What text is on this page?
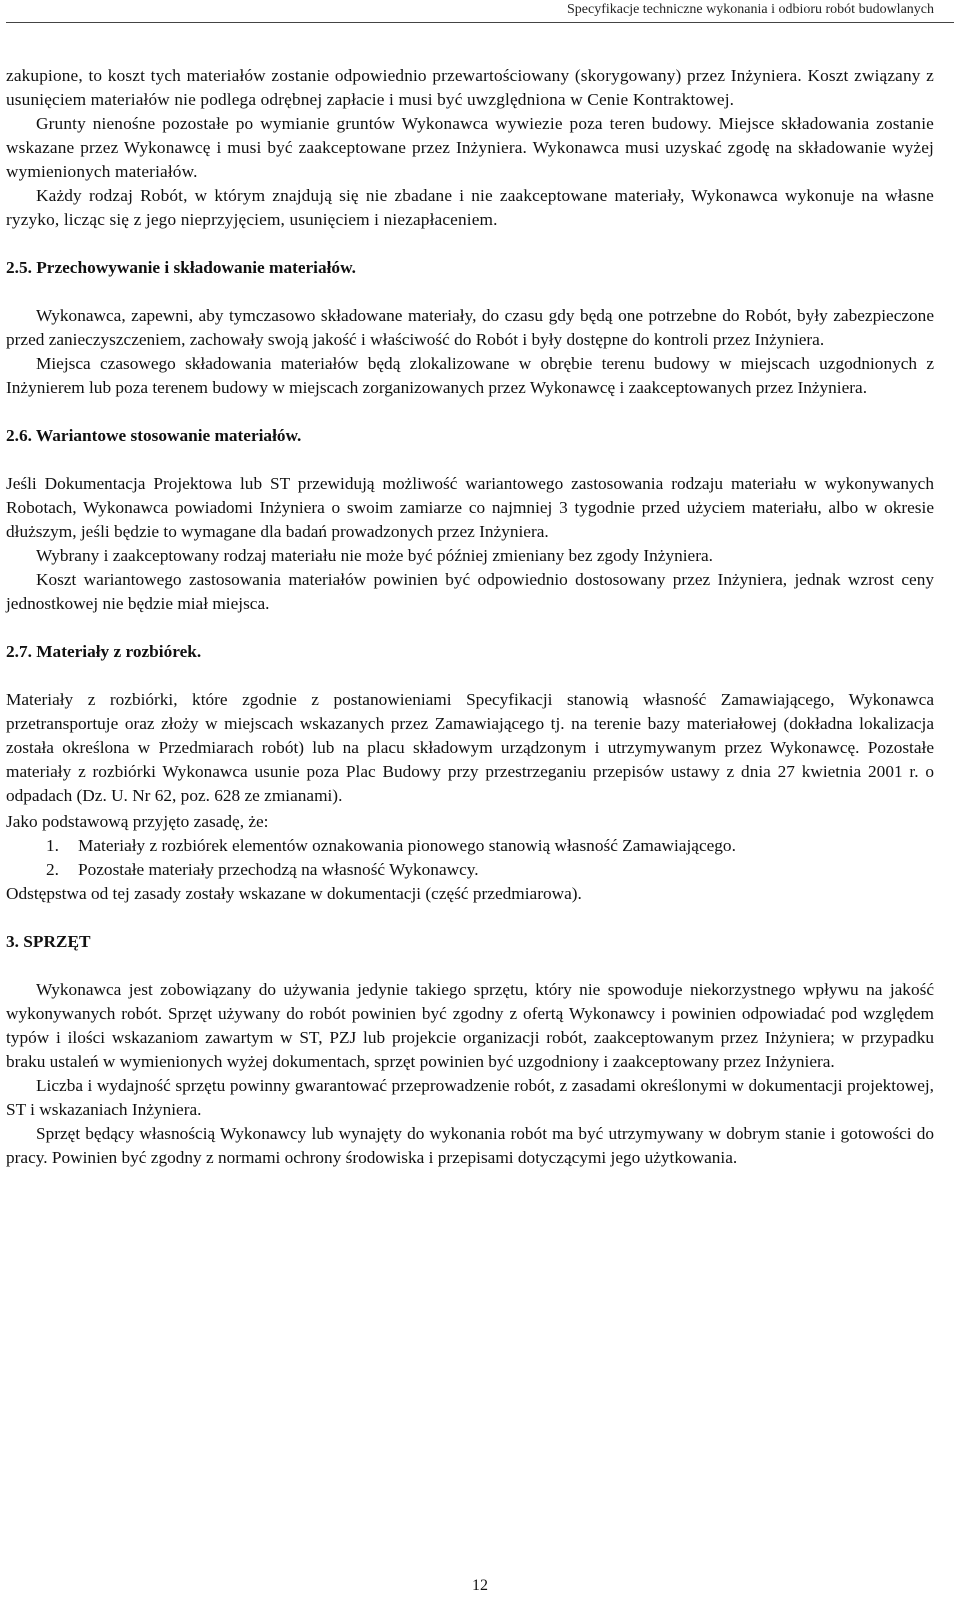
Specyfikacje techniczne wykonania i odbioru robót budowlanych

zakupione, to koszt tych materiałów zostanie odpowiednio przewartościowany (skorygowany) przez Inżyniera. Koszt związany z usunięciem materiałów nie podlega odrębnej zapłacie i musi być uwzględniona w Cenie Kontraktowej.

Grunty nienośne pozostałe po wymianie gruntów Wykonawca wywiezie poza teren budowy. Miejsce składowania zostanie wskazane przez Wykonawcę i musi być zaakceptowane przez Inżyniera. Wykonawca musi uzyskać zgodę na składowanie wyżej wymienionych materiałów.

Każdy rodzaj Robót, w którym znajdują się nie zbadane i nie zaakceptowane materiały, Wykonawca wykonuje na własne ryzyko, licząc się z jego nieprzyjęciem, usunięciem i niezapłaceniem.

2.5. Przechowywanie i składowanie materiałów.

Wykonawca, zapewni, aby tymczasowo składowane materiały, do czasu gdy będą one potrzebne do Robót, były zabezpieczone przed zanieczyszczeniem, zachowały swoją jakość i właściwość do Robót i były dostępne do kontroli przez Inżyniera.

Miejsca czasowego składowania materiałów będą zlokalizowane w obrębie terenu budowy w miejscach uzgodnionych z Inżynierem lub poza terenem budowy w miejscach zorganizowanych przez Wykonawcę i zaakceptowanych przez Inżyniera.

2.6. Wariantowe stosowanie materiałów.

Jeśli Dokumentacja Projektowa lub ST przewidują możliwość wariantowego zastosowania rodzaju materiału w wykonywanych Robotach, Wykonawca powiadomi Inżyniera o swoim zamiarze co najmniej 3 tygodnie przed użyciem materiału, albo w okresie dłuższym, jeśli będzie to wymagane dla badań prowadzonych przez Inżyniera.

Wybrany i zaakceptowany rodzaj materiału nie może być później zmieniany bez zgody Inżyniera.

Koszt wariantowego zastosowania materiałów powinien być odpowiednio dostosowany przez Inżyniera, jednak wzrost ceny jednostkowej nie będzie miał miejsca.

2.7. Materiały z rozbiórek.

Materiały z rozbiórki, które zgodnie z postanowieniami Specyfikacji stanowią własność Zamawiającego, Wykonawca przetransportuje oraz złoży w miejscach wskazanych przez Zamawiającego tj. na terenie bazy materiałowej (dokładna lokalizacja została określona w Przedmiarach robót) lub na placu składowym urządzonym i utrzymywanym przez Wykonawcę. Pozostałe materiały z rozbiórki Wykonawca usunie poza Plac Budowy przy przestrzeganiu przepisów ustawy z dnia 27 kwietnia 2001 r. o odpadach (Dz. U. Nr 62, poz. 628 ze zmianami).

Jako podstawową przyjęto zasadę, że:

1. Materiały z rozbiórek elementów oznakowania pionowego stanowią własność Zamawiającego.
2. Pozostałe materiały przechodzą na własność Wykonawcy.

Odstępstwa od tej zasady zostały wskazane w dokumentacji (część przedmiarowa).

3. SPRZĘT

Wykonawca jest zobowiązany do używania jedynie takiego sprzętu, który nie spowoduje niekorzystnego wpływu na jakość wykonywanych robót. Sprzęt używany do robót powinien być zgodny z ofertą Wykonawcy i powinien odpowiadać pod względem typów i ilości wskazaniom zawartym w ST, PZJ lub projekcie organizacji robót, zaakceptowanym przez Inżyniera; w przypadku braku ustaleń w wymienionych wyżej dokumentach, sprzęt powinien być uzgodniony i zaakceptowany przez Inżyniera.

Liczba i wydajność sprzętu powinny gwarantować przeprowadzenie robót, z zasadami określonymi w dokumentacji projektowej, ST i wskazaniach Inżyniera.

Sprzęt będący własnością Wykonawcy lub wynajęty do wykonania robót ma być utrzymywany w dobrym stanie i gotowości do pracy. Powinien być zgodny z normami ochrony środowiska i przepisami dotyczącymi jego użytkowania.

12
